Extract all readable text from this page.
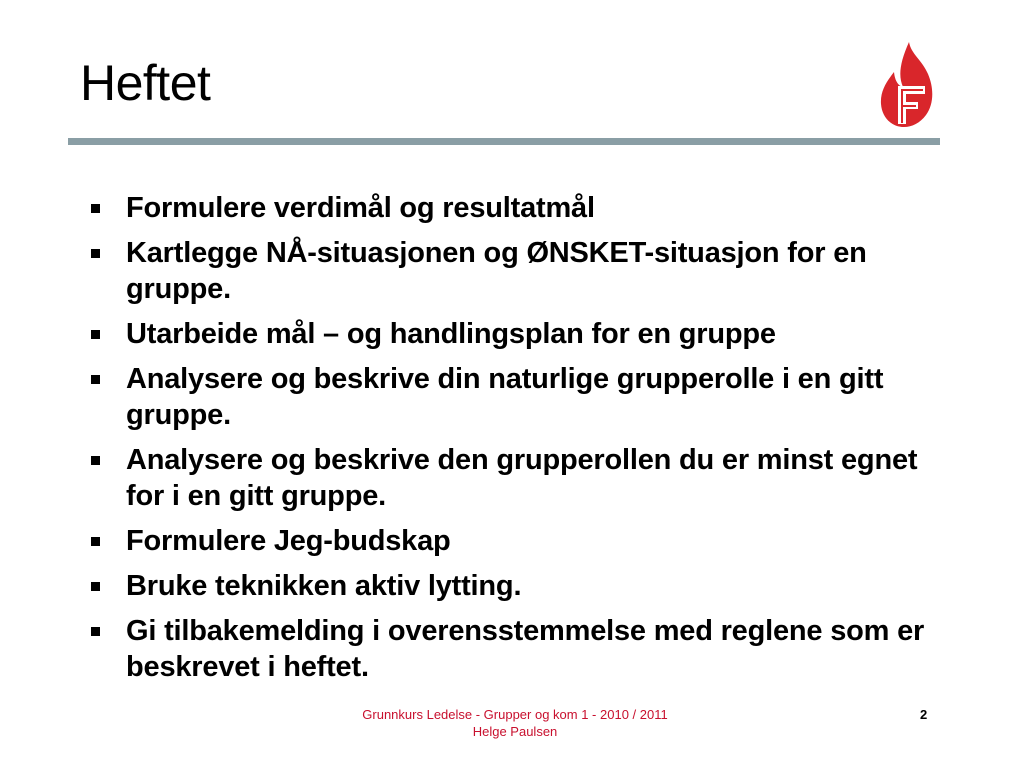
Heftet
Formulere verdimål og resultatmål
Kartlegge NÅ-situasjonen og ØNSKET-situasjon for en gruppe.
Utarbeide mål – og handlingsplan for en gruppe
Analysere og beskrive din naturlige grupperolle i en gitt gruppe.
Analysere og beskrive den grupperollen du er minst egnet for i en gitt gruppe.
Formulere Jeg-budskap
Bruke teknikken aktiv lytting.
Gi tilbakemelding i overensstemmelse med reglene som er beskrevet i heftet.
Grunnkurs Ledelse - Grupper og kom 1 - 2010 / 2011
Helge Paulsen
2
